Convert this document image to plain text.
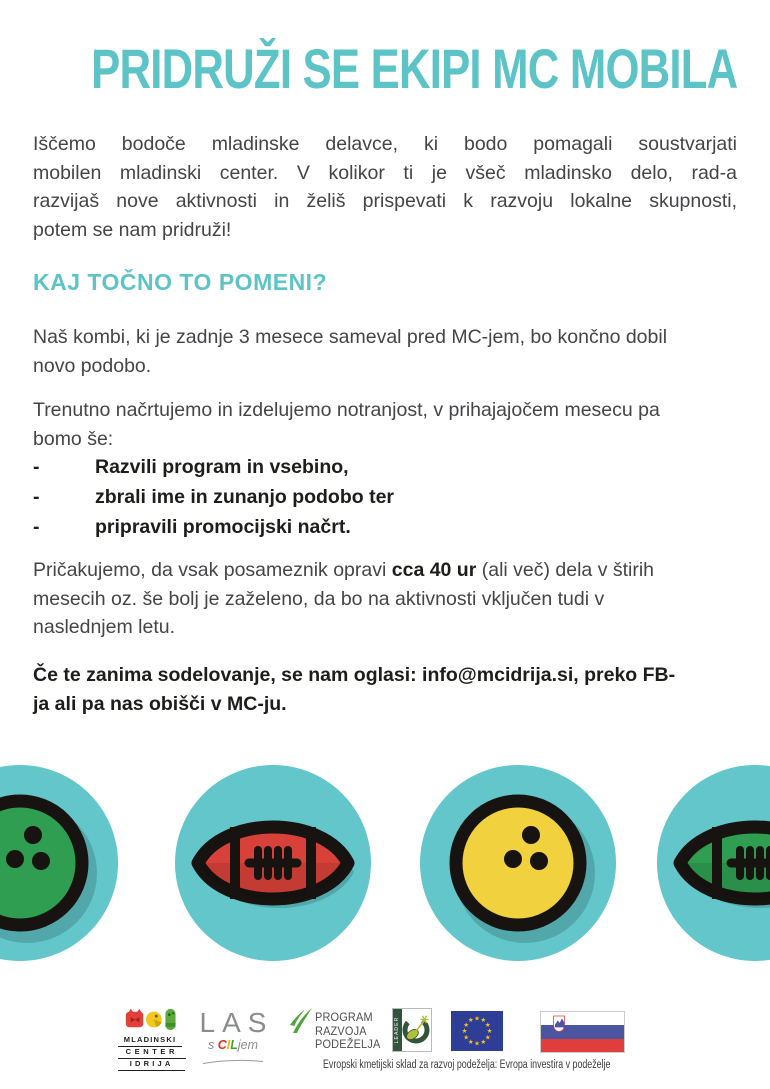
PRIDRUŽI SE EKIPI MC MOBILA
Iščemo bodoče mladinske delavce, ki bodo pomagali soustvarjati
mobilen mladinski center. V kolikor ti je všeč mladinsko delo, rad-a
razvijaš nove aktivnosti in želiš prispevati k razvoju lokalne skupnosti,
potem se nam pridruži!
KAJ TOČNO TO POMENI?
Naš kombi, ki je zadnje 3 mesece sameval pred MC-jem, bo končno dobil
novo podobo.
Trenutno načrtujemo in izdelujemo notranjost, v prihajajočem mesecu pa
bomo še:
-	Razvili program in vsebino,
-	zbrali ime in zunanjo podobo ter
-	pripravili promocijski načrt.
Pričakujemo, da vsak posameznik opravi cca 40 ur (ali več) dela v štirih
mesecih oz. še bolj je zaželeno, da bo na aktivnosti vključen tudi v
naslednjem letu.
Če te zanima sodelovanje, se nam oglasi: info@mcidrija.si, preko FB-
ja ali pa nas obišči v MC-ju.
MLADINSKI
CENTER
IDRIJA
LAS
s CILjem
PROGRAM
RAZVOJA
PODEŽELJA
LEADER	★ ★
★
★
★
★
★
★
★
★
★
★
Evropski kmetijski sklad za razvoj podeželja: Evropa investira v podeželje
